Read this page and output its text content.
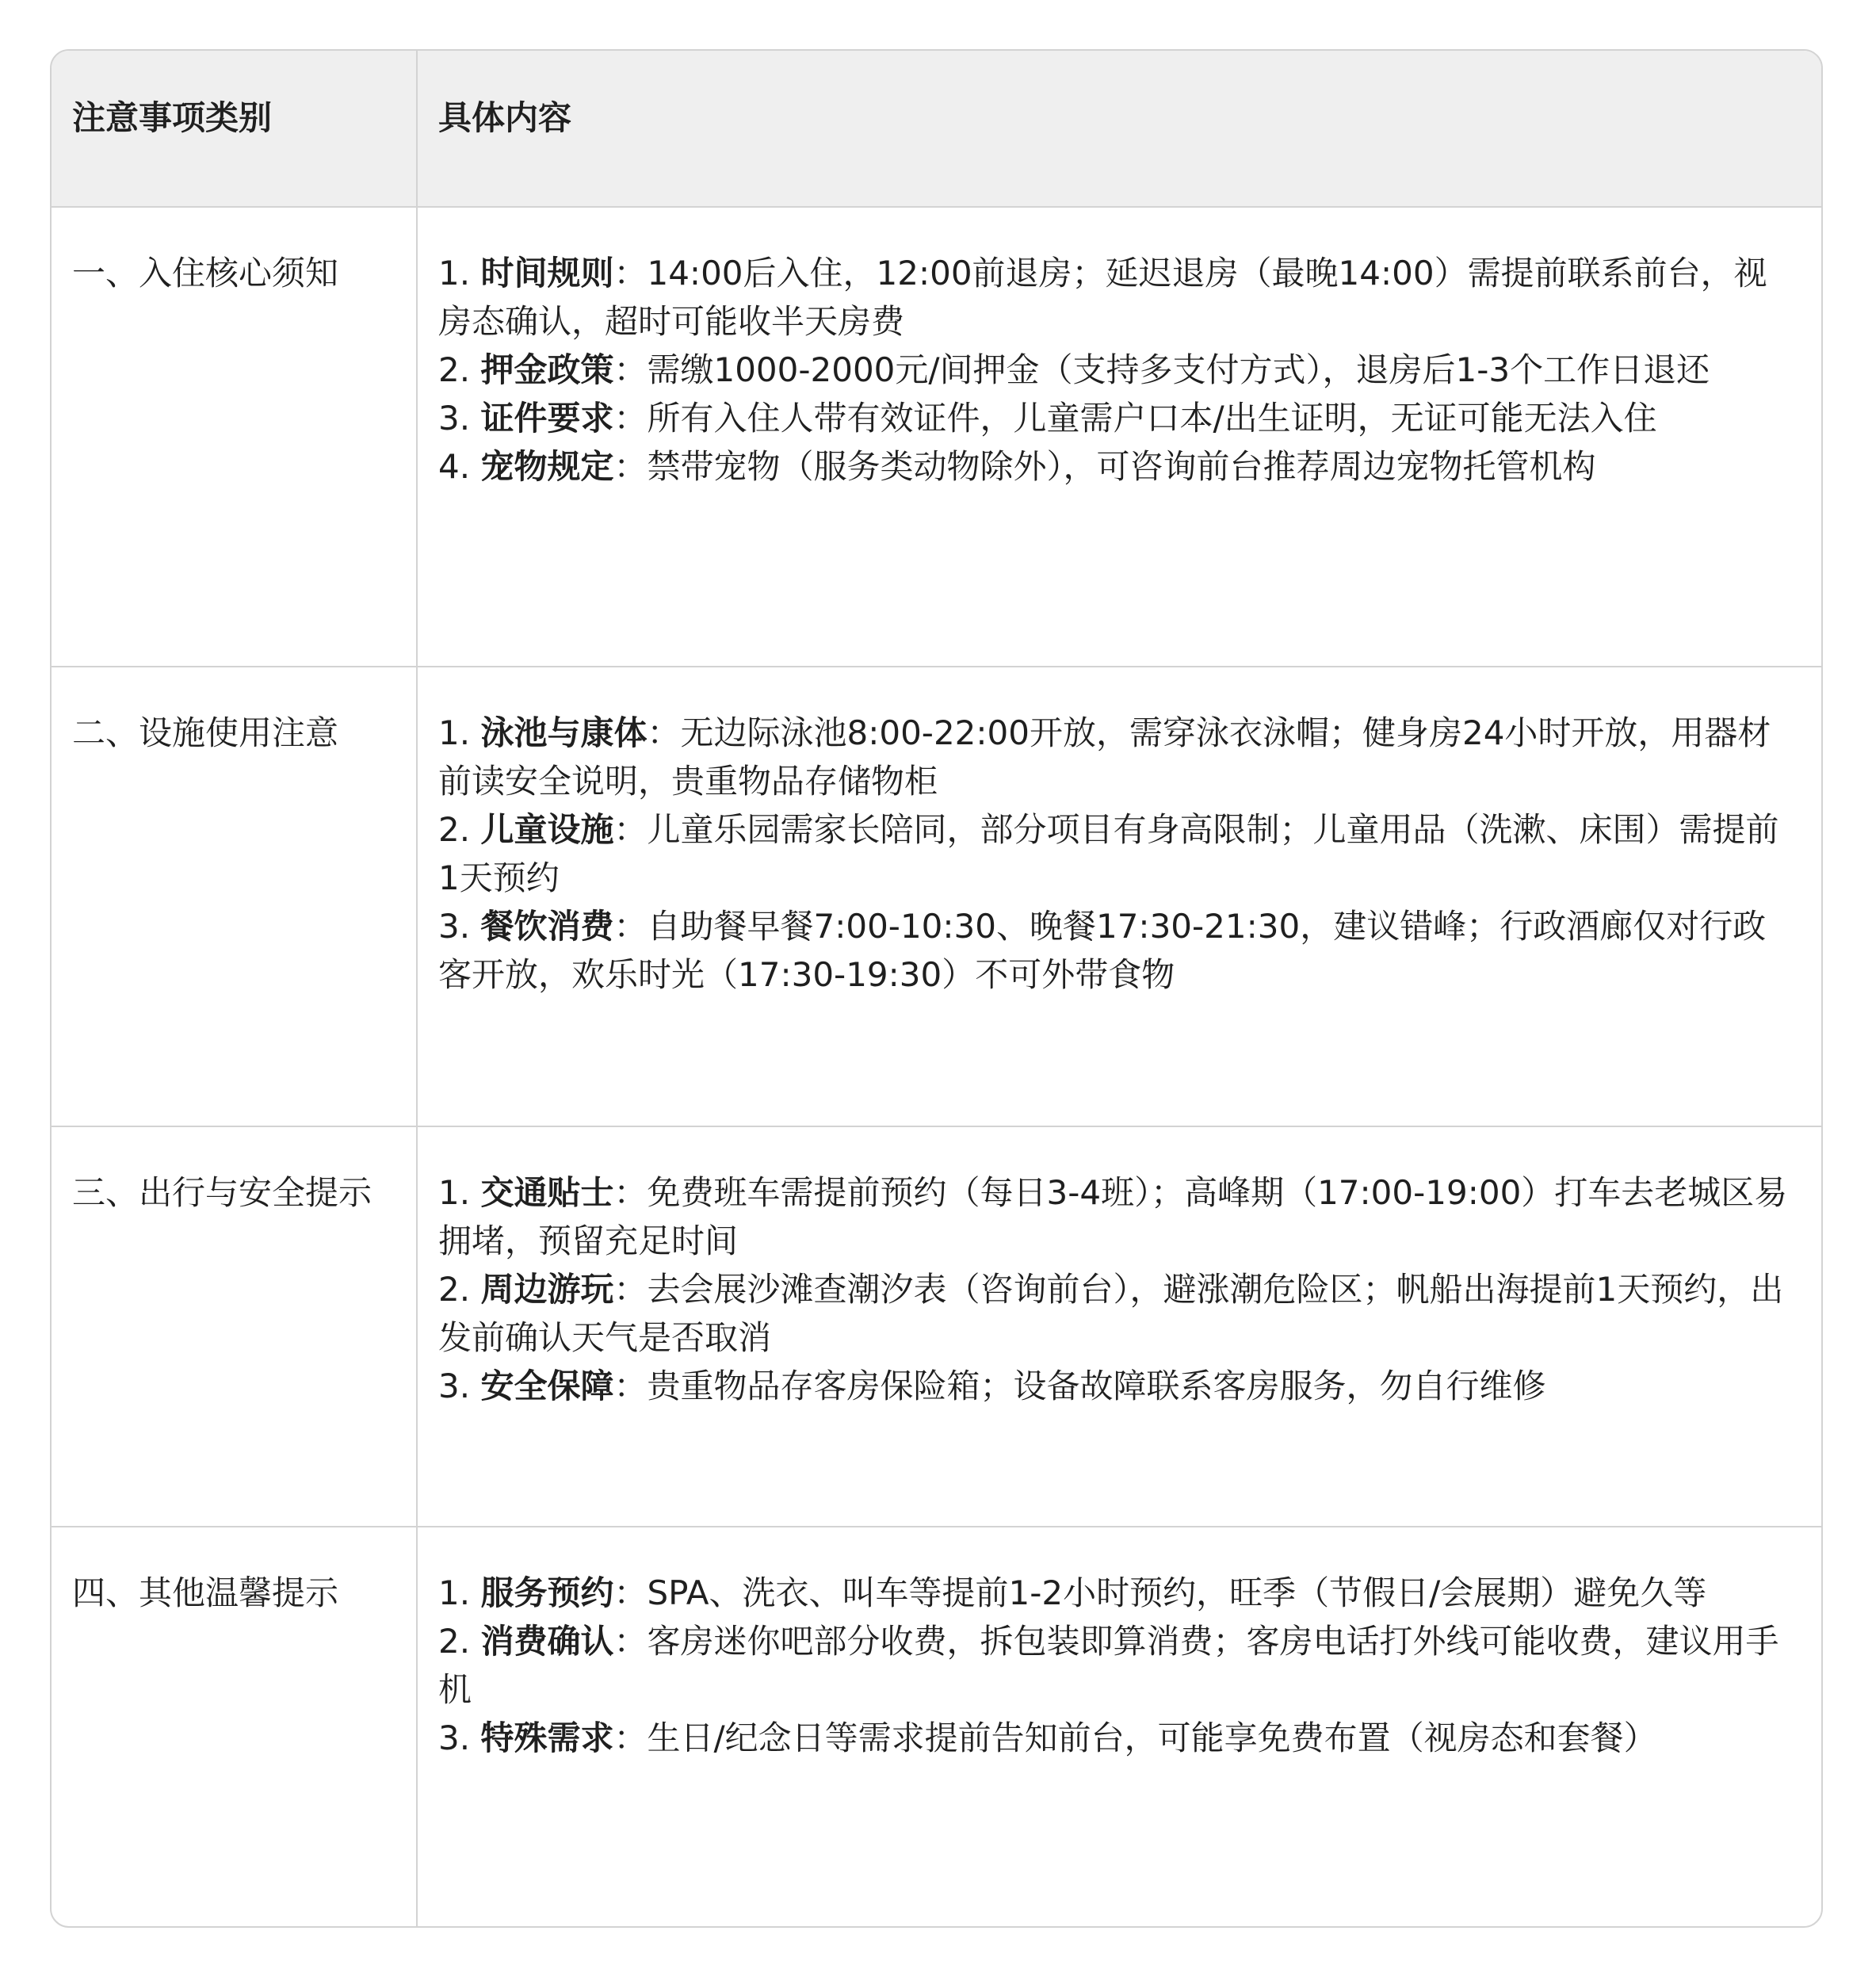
注意事项类别	具体内容
一、入住核心须知	1. 时间规则：14:00后入住，12:00前退房；延迟退房（最晚14:00）需提前联系前台，视房态确认，超时可能收半天房费
2. 押金政策：需缴1000-2000元/间押金（支持多支付方式），退房后1-3个工作日退还
3. 证件要求：所有入住人带有效证件，儿童需户口本/出生证明，无证可能无法入住
4. 宠物规定：禁带宠物（服务类动物除外），可咨询前台推荐周边宠物托管机构
二、设施使用注意	1. 泳池与康体：无边际泳池8:00-22:00开放，需穿泳衣泳帽；健身房24小时开放，用器材前读安全说明，贵重物品存储物柜
2. 儿童设施：儿童乐园需家长陪同，部分项目有身高限制；儿童用品（洗漱、床围）需提前1天预约
3. 餐饮消费：自助餐早餐7:00-10:30、晚餐17:30-21:30，建议错峰；行政酒廊仅对行政客开放，欢乐时光（17:30-19:30）不可外带食物
三、出行与安全提示	1. 交通贴士：免费班车需提前预约（每日3-4班）；高峰期（17:00-19:00）打车去老城区易拥堵，预留充足时间
2. 周边游玩：去会展沙滩查潮汐表（咨询前台），避涨潮危险区；帆船出海提前1天预约，出发前确认天气是否取消
3. 安全保障：贵重物品存客房保险箱；设备故障联系客房服务，勿自行维修
四、其他温馨提示	1. 服务预约：SPA、洗衣、叫车等提前1-2小时预约，旺季（节假日/会展期）避免久等
2. 消费确认：客房迷你吧部分收费，拆包装即算消费；客房电话打外线可能收费，建议用手机
3. 特殊需求：生日/纪念日等需求提前告知前台，可能享免费布置（视房态和套餐）
